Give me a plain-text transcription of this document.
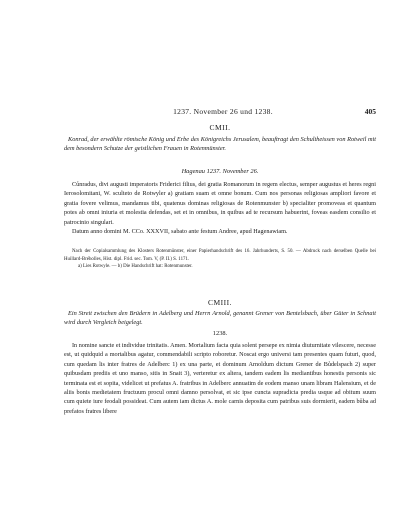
1237. November 26 und 1238.	405
CMII.
Konrad, der erwählte römische König und Erbe des Königreichs Jerusalem, beauftragt den Schultheissen von Rotweil mit dem besondern Schutze der geistlichen Frauen in Rotenmünster.
Hagenau 1237. November 26.

Cůnradus, divi augusti imperatoris Friderici filius, dei gratia Romanorum in regem electus, semper augustus et heres regni Ierosolomitani, W. sculteto de Rotwyler a) gratiam suam et omne bonum. Cum nos personas religiosas ampliori favore et gratia fovere velimus, mandamus tibi, quatenus dominas religiosas de Rotenmunster b) specialiter promoveas et quantum potes ab omni iniuria et molestia defendas, set et in omnibus, in quibus ad te recursum habuerint, foveas easdem consilio et patrocinio singulari.

Datum anno domini M. CCo. XXXVII, sabato ante festum Andree, apud Hagenawiam.

Nach der Copialsammlung des Klosters Rotenmünster, einer Papierhandschrift des 16. Jahrhunderts, S. 50. — Abdruck nach derselben Quelle bei Huillard-Bréholles, Hist. dipl. Frid. sec. Tom. V, (P. II.) S. 1171.

a) Lies Rotwyle. — b) Die Handschrift hat: Rotenmunster.

CMIII.
Ein Streit zwischen den Brüdern in Adelberg und Herrn Arnold, genannt Grener von Bentelsbach, über Güter in Schnait wird durch Vergleich beigelegt.
1238.

In nomine sancte et individue trinitatis. Amen. Mortalium facta quia solent persepe ex nimia diuturnitate vilescere, necesse est, ut quidquid a mortalibus agatur, commendabili scripto roboretur. Noscat ergo universi tam presentes quam futuri, quod, cum quedam lis inter fratres de Adelberc 1) ex una parte, et dominum Arnoldum dictum Grener de Bůdelspach 2) super quibusdam prediis et uno manso, sitis in Snait 3), verteretur ex altera, tandem eadem lis mediantibus honestis personis sic terminata est et sopita, videlicet ut prefatus A. fratribus in Adelberc annuatim de eodem manso unam libram Halensium, et de aliis bonis medietatem fructuum procul omni damno persolvat, et sic ipse cuncta supradicta predia usque ad obitum suum cum quiete iure feodali possideat. Cum autem iam dictus A. mole carnis deposita cum patribus suis dormierit, eadem bůba ad prefatos fratres libere
